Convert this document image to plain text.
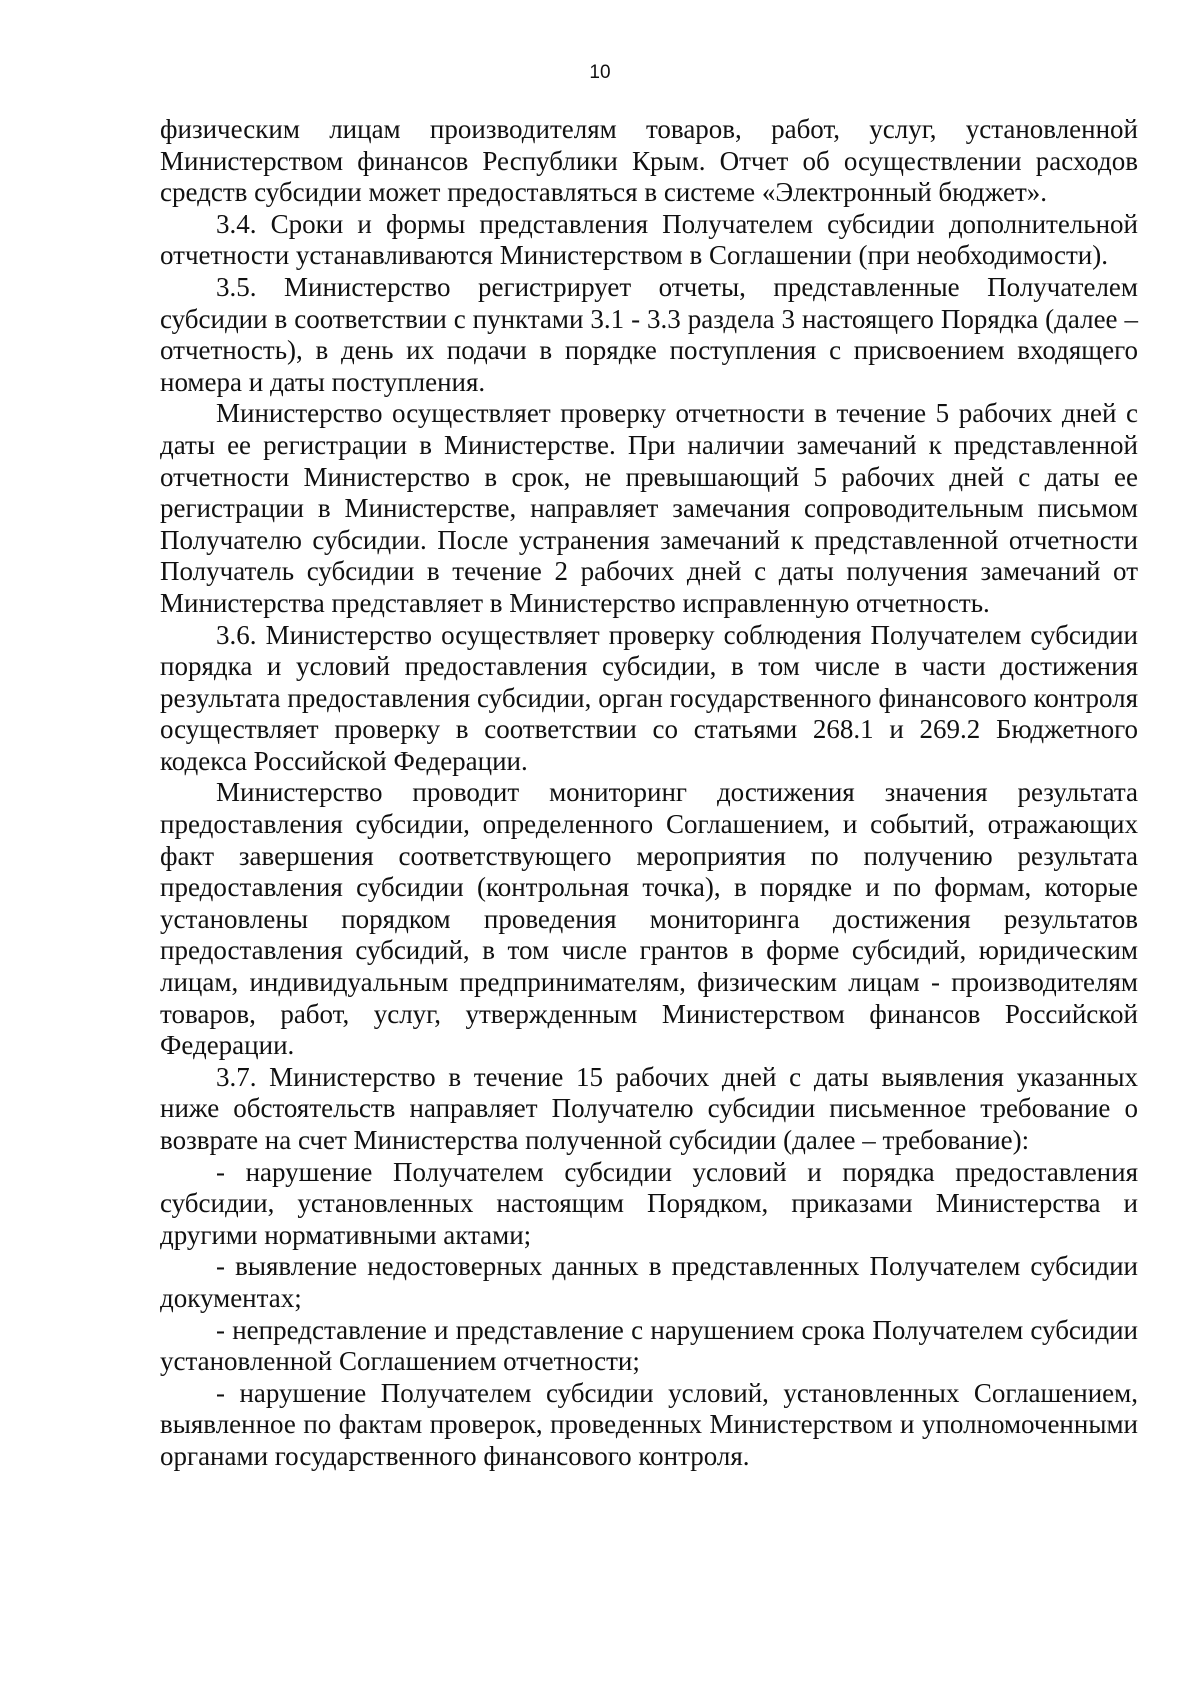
10

физическим лицам производителям товаров, работ, услуг, установленной Министерством финансов Республики Крым. Отчет об осуществлении расходов средств субсидии может предоставляться в системе «Электронный бюджет».

3.4. Сроки и формы представления Получателем субсидии дополнительной отчетности устанавливаются Министерством в Соглашении (при необходимости).

3.5. Министерство регистрирует отчеты, представленные Получателем субсидии в соответствии с пунктами 3.1 - 3.3 раздела 3 настоящего Порядка (далее – отчетность), в день их подачи в порядке поступления с присвоением входящего номера и даты поступления.

Министерство осуществляет проверку отчетности в течение 5 рабочих дней с даты ее регистрации в Министерстве. При наличии замечаний к представленной отчетности Министерство в срок, не превышающий 5 рабочих дней с даты ее регистрации в Министерстве, направляет замечания сопроводительным письмом Получателю субсидии. После устранения замечаний к представленной отчетности Получатель субсидии в течение 2 рабочих дней с даты получения замечаний от Министерства представляет в Министерство исправленную отчетность.

3.6. Министерство осуществляет проверку соблюдения Получателем субсидии порядка и условий предоставления субсидии, в том числе в части достижения результата предоставления субсидии, орган государственного финансового контроля осуществляет проверку в соответствии со статьями 268.1 и 269.2 Бюджетного кодекса Российской Федерации.

Министерство проводит мониторинг достижения значения результата предоставления субсидии, определенного Соглашением, и событий, отражающих факт завершения соответствующего мероприятия по получению результата предоставления субсидии (контрольная точка), в порядке и по формам, которые установлены порядком проведения мониторинга достижения результатов предоставления субсидий, в том числе грантов в форме субсидий, юридическим лицам, индивидуальным предпринимателям, физическим лицам - производителям товаров, работ, услуг, утвержденным Министерством финансов Российской Федерации.

3.7. Министерство в течение 15 рабочих дней с даты выявления указанных ниже обстоятельств направляет Получателю субсидии письменное требование о возврате на счет Министерства полученной субсидии (далее – требование):

- нарушение Получателем субсидии условий и порядка предоставления субсидии, установленных настоящим Порядком, приказами Министерства и другими нормативными актами;

- выявление недостоверных данных в представленных Получателем субсидии документах;

- непредставление и представление с нарушением срока Получателем субсидии установленной Соглашением отчетности;

- нарушение Получателем субсидии условий, установленных Соглашением, выявленное по фактам проверок, проведенных Министерством и уполномоченными органами государственного финансового контроля.
